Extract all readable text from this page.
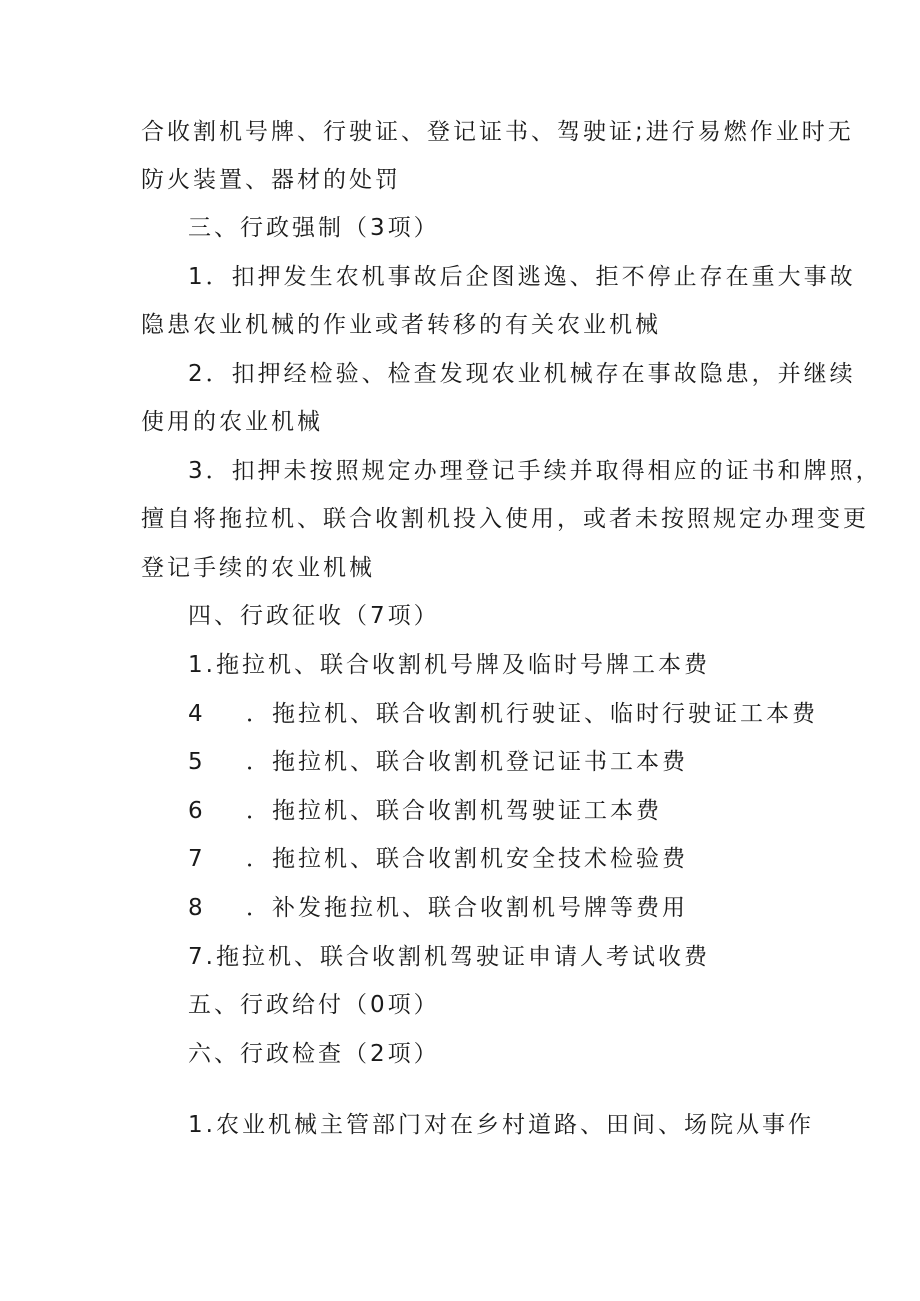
合收割机号牌、行驶证、登记证书、驾驶证;进行易燃作业时无
防火装置、器材的处罚
三、行政强制（3项）
1．扣押发生农机事故后企图逃逸、拒不停止存在重大事故
隐患农业机械的作业或者转移的有关农业机械
2．扣押经检验、检查发现农业机械存在事故隐患，并继续
使用的农业机械
3．扣押未按照规定办理登记手续并取得相应的证书和牌照，
擅自将拖拉机、联合收割机投入使用，或者未按照规定办理变更
登记手续的农业机械
四、行政征收（7项）
1.拖拉机、联合收割机号牌及临时号牌工本费
4 ．拖拉机、联合收割机行驶证、临时行驶证工本费
5 ．拖拉机、联合收割机登记证书工本费
6 ．拖拉机、联合收割机驾驶证工本费
7 ．拖拉机、联合收割机安全技术检验费
8 ．补发拖拉机、联合收割机号牌等费用
7.拖拉机、联合收割机驾驶证申请人考试收费
五、行政给付（0项）
六、行政检查（2项）
1.农业机械主管部门对在乡村道路、田间、场院从事作
